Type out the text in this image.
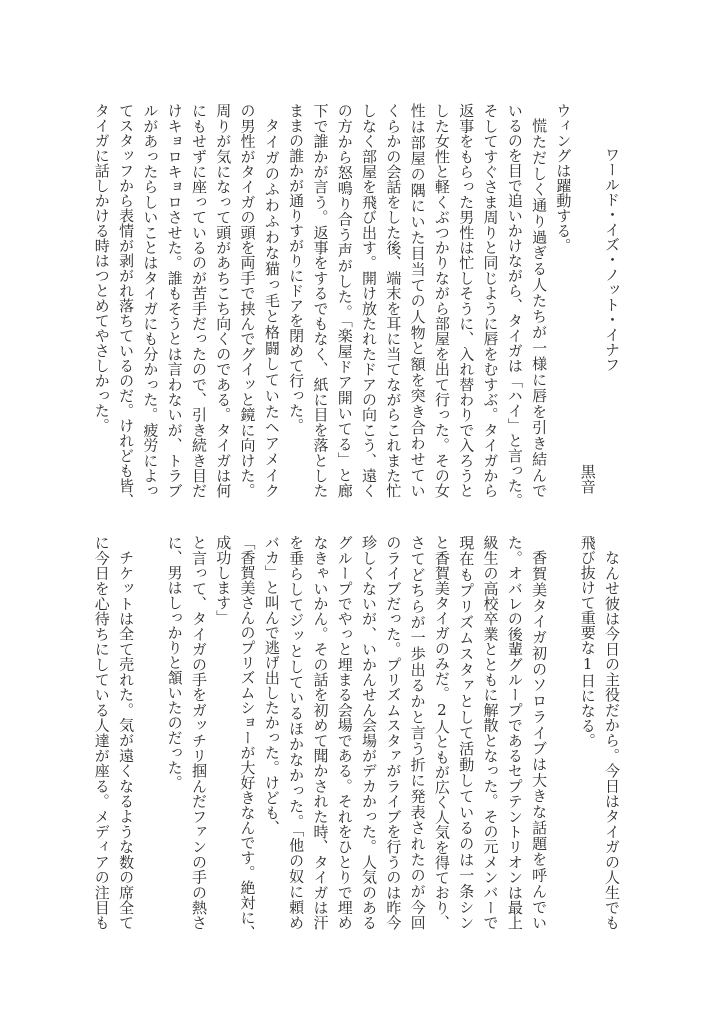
ワールド・イズ・ノット・イナフ
黒音
ウィングは躍動する。
慌ただしく通り過ぎる人たちが一様に唇を引き結んで
いるのを目で追いかけながら、タイガは「ハイ」と言った。
そしてすぐさま周りと同じように唇をむすぶ。タイガから
返事をもらった男性は忙しそうに、入れ替わりで入ろうと
した女性と軽くぶつかりながら部屋を出て行った。その女
性は部屋の隅にいた目当ての人物と額を突き合わせてい
くらかの会話をした後、端末を耳に当てながらこれまた忙
しなく部屋を飛び出す。開け放たれたドアの向こう、遠く
の方から怒鳴り合う声がした。「楽屋ドア開いてる」と廊
下で誰かが言う。返事をするでもなく、紙に目を落とした
ままの誰かが通りすがりにドアを閉めて行った。
タイガのふわふわな猫っ毛と格闘していたヘアメイク
の男性がタイガの頭を両手で挟んでグイッと鏡に向けた。
周りが気になって頭があちこち向くのである。タイガは何
にもせずに座っているのが苦手だったので、引き続き目だ
けキョロキョロさせた。誰もそうとは言わないが、トラブ
ルがあったらしいことはタイガにも分かった。疲労によっ
てスタッフから表情が剥がれ落ちているのだ。けれども皆、
タイガに話しかける時はつとめてやさしかった。
なんせ彼は今日の主役だから。今日はタイガの人生でも
飛び抜けて重要な1日になる。
香賀美タイガ初のソロライブは大きな話題を呼んでい
た。オバレの後輩グループであるセプテントリオンは最上
級生の高校卒業とともに解散となった。その元メンバーで
現在もプリズムスタァとして活動しているのは一条シン
と香賀美タイガのみだ。2人ともが広く人気を得ており、
さてどちらが一歩出るかと言う折に発表されたのが今回
のライブだった。プリズムスタァがライブを行うのは昨今
珍しくないが、いかんせん会場がデカかった。人気のある
グループでやっと埋まる会場である。それをひとりで埋め
なきゃいかん。その話を初めて聞かされた時、タイガは汗
を垂らしてジッとしているほかなかった。「他の奴に頼め
バカ」と叫んで逃げ出したかった。けども、
「香賀美さんのプリズムショーが大好きなんです。絶対に、
成功します」
と言って、タイガの手をガッチリ掴んだファンの手の熱さ
に、男はしっかりと頷いたのだった。
チケットは全て売れた。気が遠くなるような数の席全て
に今日を心待ちにしている人達が座る。メディアの注目も
